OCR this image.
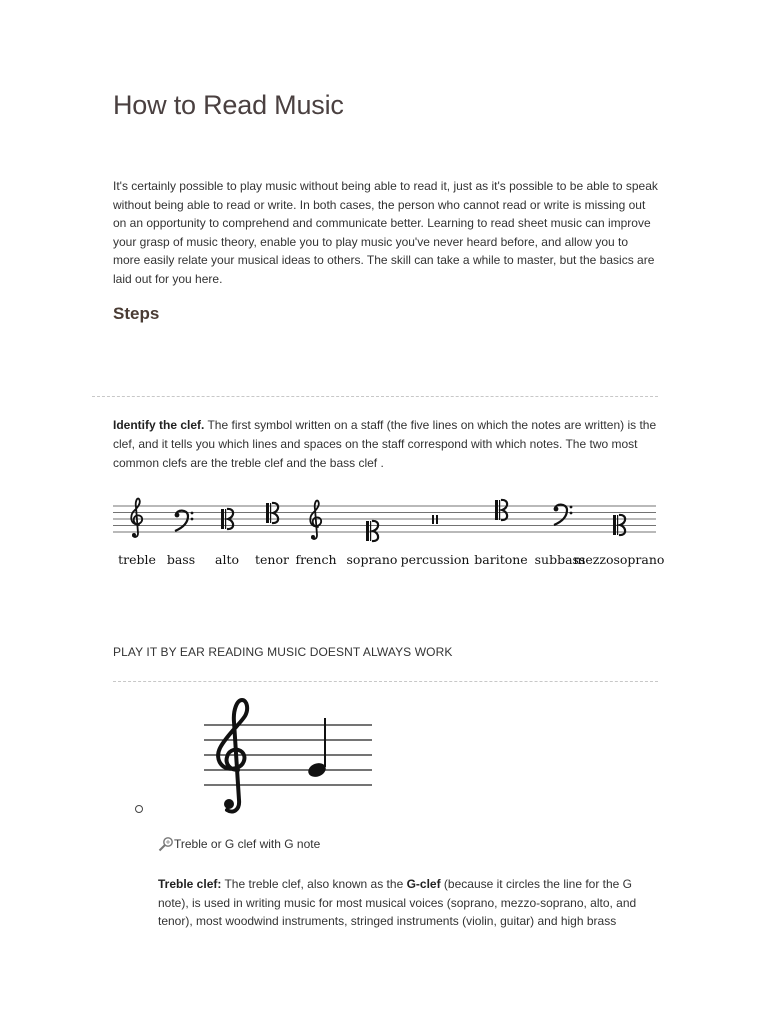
How to Read Music

It's certainly possible to play music without being able to read it, just as it's possible to be able to speak without being able to read or write. In both cases, the person who cannot read or write is missing out on an opportunity to comprehend and communicate better. Learning to read sheet music can improve your grasp of music theory, enable you to play music you've never heard before, and allow you to more easily relate your musical ideas to others. The skill can take a while to master, but the basics are laid out for you here.

Steps

Identify the clef. The first symbol written on a staff (the five lines on which the notes are written) is the clef, and it tells you which lines and spaces on the staff correspond with which notes. The two most common clefs are the treble clef and the bass clef .

treble bass alto tenor french soprano percussion baritone subbass
mezzosoprano

PLAY IT BY EAR READING MUSIC DOESNT ALWAYS WORK

Treble or G clef with G note

Treble clef: The treble clef, also known as the G-clef (because it circles the line for the G note), is used in writing music for most musical voices (soprano, mezzo-soprano, alto, and tenor), most woodwind instruments, stringed instruments (violin, guitar) and high brass
